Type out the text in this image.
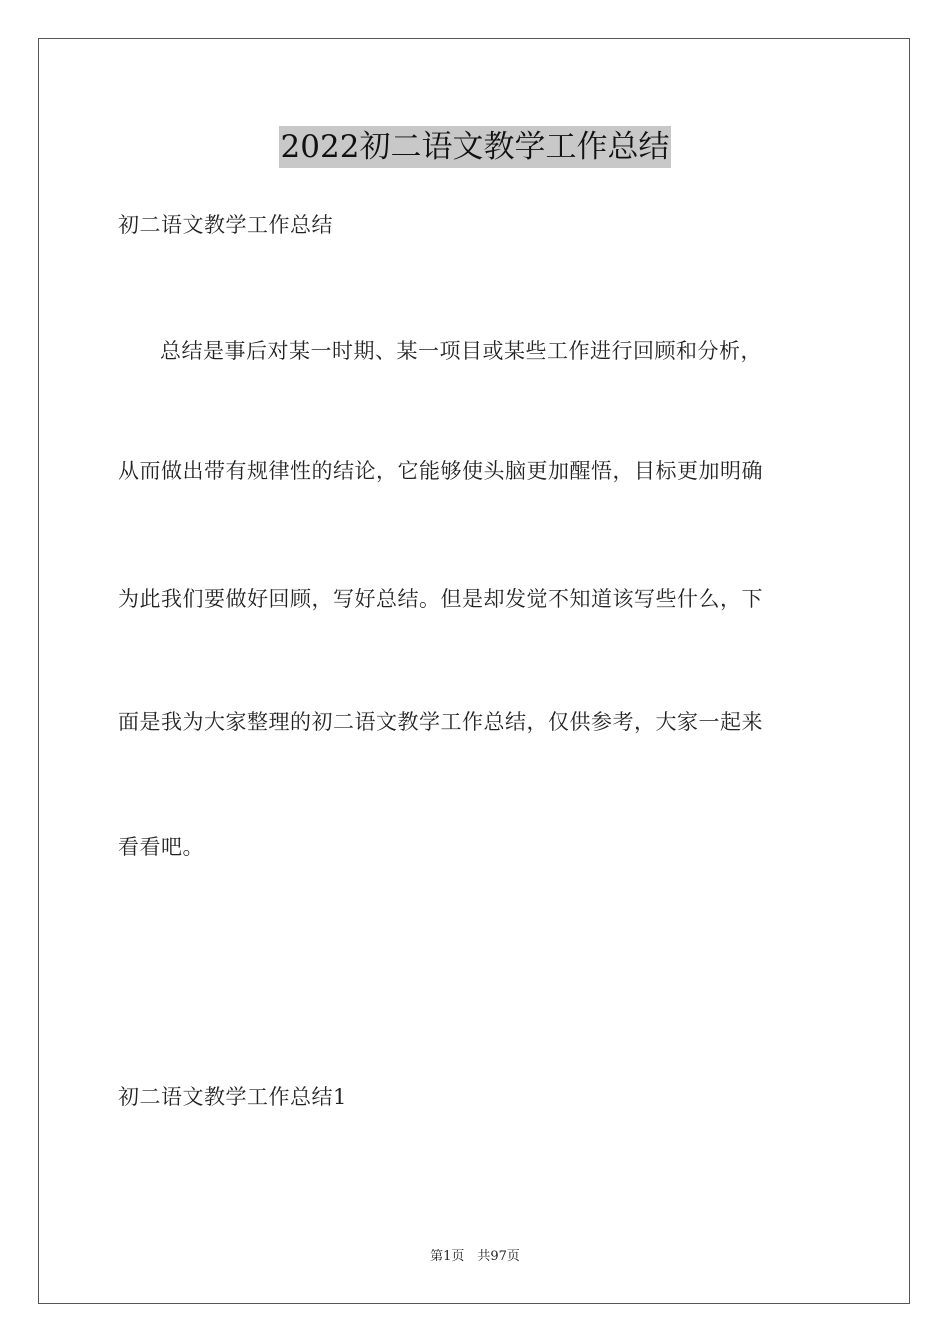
2022初二语文教学工作总结
初二语文教学工作总结
总结是事后对某一时期、某一项目或某些工作进行回顾和分析，
从而做出带有规律性的结论，它能够使头脑更加醒悟，目标更加明确
为此我们要做好回顾，写好总结。但是却发觉不知道该写些什么，下
面是我为大家整理的初二语文教学工作总结，仅供参考，大家一起来
看看吧。
初二语文教学工作总结1
第1页　共97页
